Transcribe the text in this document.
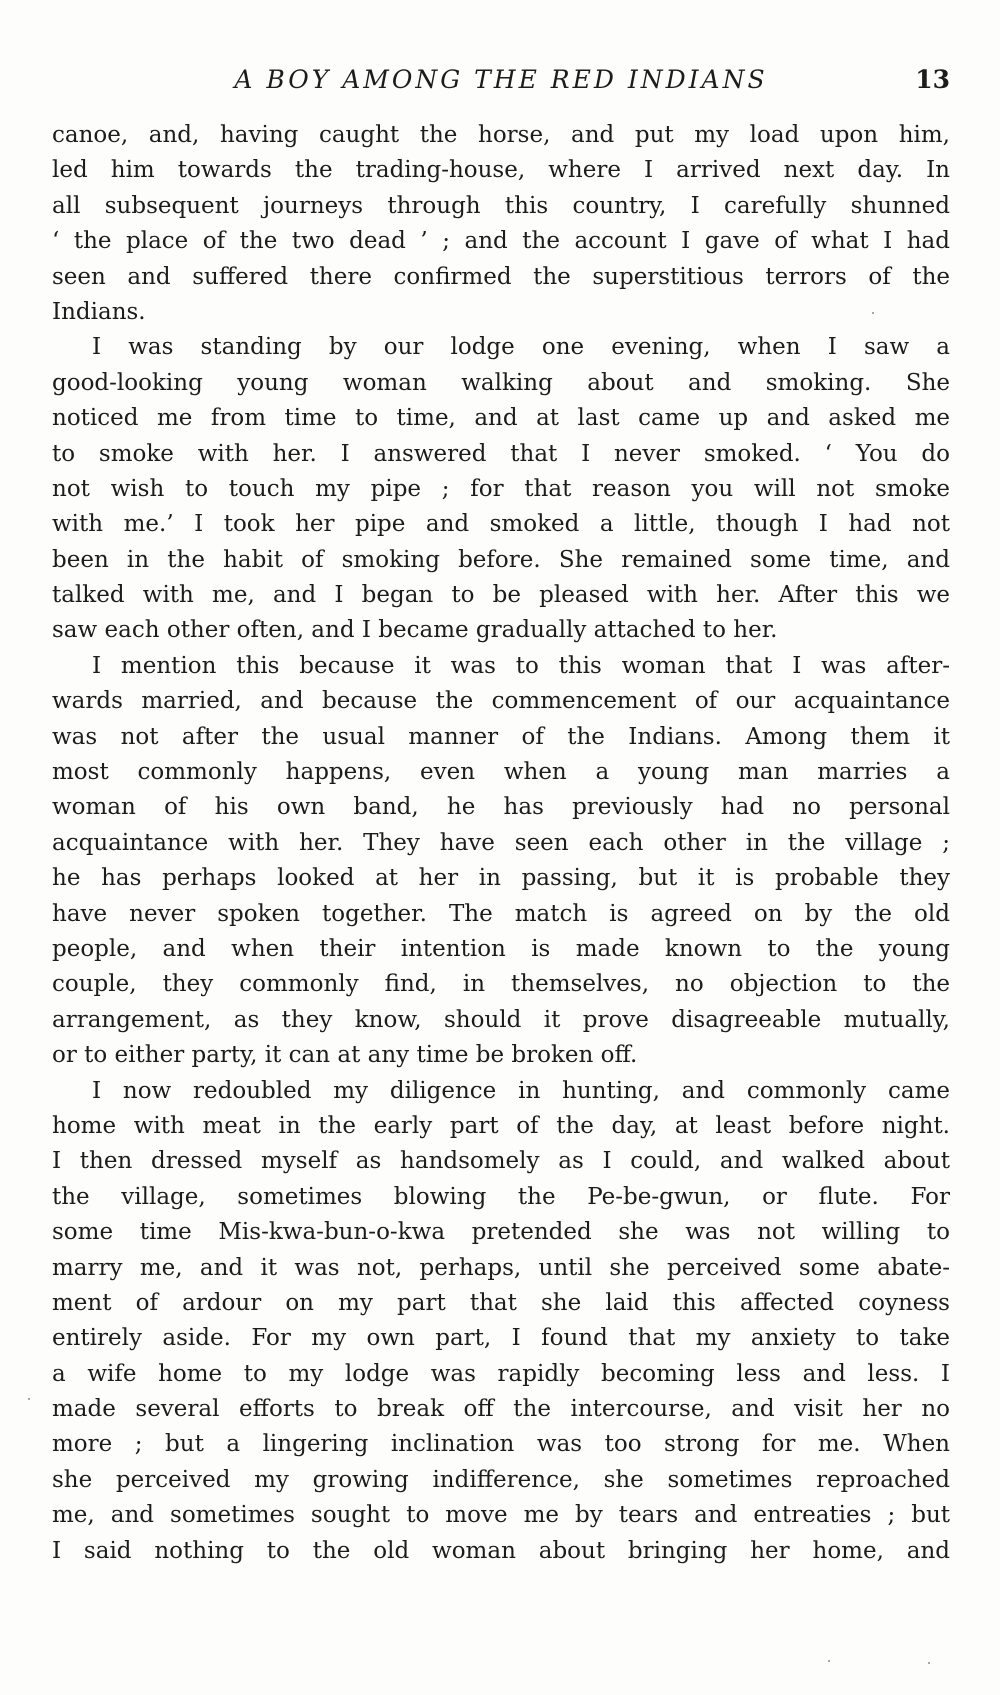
A BOY AMONG THE RED INDIANS	13
canoe, and, having caught the horse, and put my load upon him,
led him towards the trading-house, where I arrived next day. In
all subsequent journeys through this country, I carefully shunned
‘ the place of the two dead ’ ; and the account I gave of what I had
seen and suffered there confirmed the superstitious terrors of the
Indians.
I was standing by our lodge one evening, when I saw a
good-looking young woman walking about and smoking. She
noticed me from time to time, and at last came up and asked me
to smoke with her. I answered that I never smoked. ‘ You do
not wish to touch my pipe ; for that reason you will not smoke
with me.’ I took her pipe and smoked a little, though I had not
been in the habit of smoking before. She remained some time, and
talked with me, and I began to be pleased with her. After this we
saw each other often, and I became gradually attached to her.
I mention this because it was to this woman that I was after-
wards married, and because the commencement of our acquaintance
was not after the usual manner of the Indians. Among them it
most commonly happens, even when a young man marries a
woman of his own band, he has previously had no personal
acquaintance with her. They have seen each other in the village ;
he has perhaps looked at her in passing, but it is probable they
have never spoken together. The match is agreed on by the old
people, and when their intention is made known to the young
couple, they commonly find, in themselves, no objection to the
arrangement, as they know, should it prove disagreeable mutually,
or to either party, it can at any time be broken off.
I now redoubled my diligence in hunting, and commonly came
home with meat in the early part of the day, at least before night.
I then dressed myself as handsomely as I could, and walked about
the village, sometimes blowing the Pe-be-gwun, or flute. For
some time Mis-kwa-bun-o-kwa pretended she was not willing to
marry me, and it was not, perhaps, until she perceived some abate-
ment of ardour on my part that she laid this affected coyness
entirely aside. For my own part, I found that my anxiety to take
a wife home to my lodge was rapidly becoming less and less. I
made several efforts to break off the intercourse, and visit her no
more ; but a lingering inclination was too strong for me. When
she perceived my growing indifference, she sometimes reproached
me, and sometimes sought to move me by tears and entreaties ; but
I said nothing to the old woman about bringing her home, and
